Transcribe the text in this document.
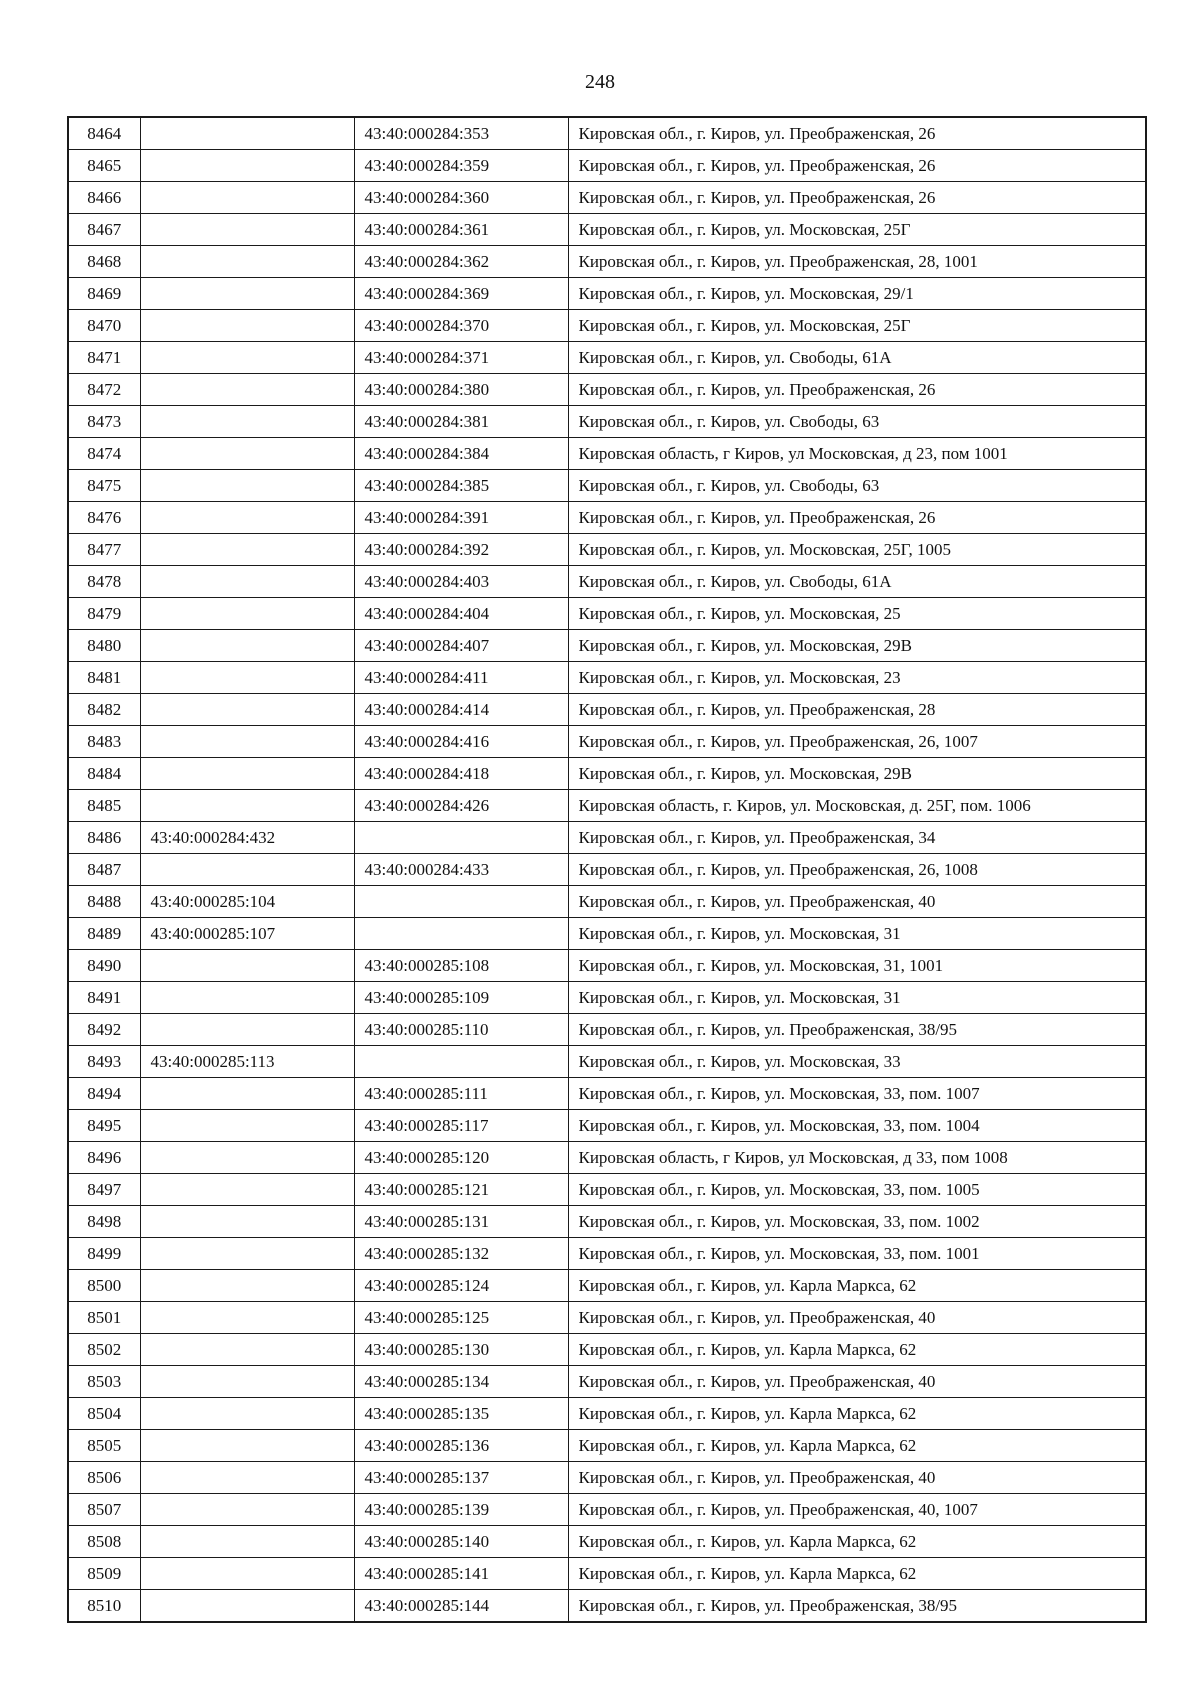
248
8464		43:40:000284:353	Кировская обл., г. Киров, ул. Преображенская, 26
8465		43:40:000284:359	Кировская обл., г. Киров, ул. Преображенская, 26
8466		43:40:000284:360	Кировская обл., г. Киров, ул. Преображенская, 26
8467		43:40:000284:361	Кировская обл., г. Киров, ул. Московская, 25Г
8468		43:40:000284:362	Кировская обл., г. Киров, ул. Преображенская, 28, 1001
8469		43:40:000284:369	Кировская обл., г. Киров, ул. Московская, 29/1
8470		43:40:000284:370	Кировская обл., г. Киров, ул. Московская, 25Г
8471		43:40:000284:371	Кировская обл., г. Киров, ул. Свободы, 61А
8472		43:40:000284:380	Кировская обл., г. Киров, ул. Преображенская, 26
8473		43:40:000284:381	Кировская обл., г. Киров, ул. Свободы, 63
8474		43:40:000284:384	Кировская область, г Киров, ул Московская, д 23, пом 1001
8475		43:40:000284:385	Кировская обл., г. Киров, ул. Свободы, 63
8476		43:40:000284:391	Кировская обл., г. Киров, ул. Преображенская, 26
8477		43:40:000284:392	Кировская обл., г. Киров, ул. Московская, 25Г, 1005
8478		43:40:000284:403	Кировская обл., г. Киров, ул. Свободы, 61А
8479		43:40:000284:404	Кировская обл., г. Киров, ул. Московская, 25
8480		43:40:000284:407	Кировская обл., г. Киров, ул. Московская, 29В
8481		43:40:000284:411	Кировская обл., г. Киров, ул. Московская, 23
8482		43:40:000284:414	Кировская обл., г. Киров, ул. Преображенская, 28
8483		43:40:000284:416	Кировская обл., г. Киров, ул. Преображенская, 26, 1007
8484		43:40:000284:418	Кировская обл., г. Киров, ул. Московская, 29В
8485		43:40:000284:426	Кировская область, г. Киров, ул. Московская, д. 25Г, пом. 1006
8486	43:40:000284:432		Кировская обл., г. Киров, ул. Преображенская, 34
8487		43:40:000284:433	Кировская обл., г. Киров, ул. Преображенская, 26, 1008
8488	43:40:000285:104		Кировская обл., г. Киров, ул. Преображенская, 40
8489	43:40:000285:107		Кировская обл., г. Киров, ул. Московская, 31
8490		43:40:000285:108	Кировская обл., г. Киров, ул. Московская, 31, 1001
8491		43:40:000285:109	Кировская обл., г. Киров, ул. Московская, 31
8492		43:40:000285:110	Кировская обл., г. Киров, ул. Преображенская, 38/95
8493	43:40:000285:113		Кировская обл., г. Киров, ул. Московская, 33
8494		43:40:000285:111	Кировская обл., г. Киров, ул. Московская, 33, пом. 1007
8495		43:40:000285:117	Кировская обл., г. Киров, ул. Московская, 33, пом. 1004
8496		43:40:000285:120	Кировская область, г Киров, ул Московская, д 33, пом 1008
8497		43:40:000285:121	Кировская обл., г. Киров, ул. Московская, 33, пом. 1005
8498		43:40:000285:131	Кировская обл., г. Киров, ул. Московская, 33, пом. 1002
8499		43:40:000285:132	Кировская обл., г. Киров, ул. Московская, 33, пом. 1001
8500		43:40:000285:124	Кировская обл., г. Киров, ул. Карла Маркса, 62
8501		43:40:000285:125	Кировская обл., г. Киров, ул. Преображенская, 40
8502		43:40:000285:130	Кировская обл., г. Киров, ул. Карла Маркса, 62
8503		43:40:000285:134	Кировская обл., г. Киров, ул. Преображенская, 40
8504		43:40:000285:135	Кировская обл., г. Киров, ул. Карла Маркса, 62
8505		43:40:000285:136	Кировская обл., г. Киров, ул. Карла Маркса, 62
8506		43:40:000285:137	Кировская обл., г. Киров, ул. Преображенская, 40
8507		43:40:000285:139	Кировская обл., г. Киров, ул. Преображенская, 40, 1007
8508		43:40:000285:140	Кировская обл., г. Киров, ул. Карла Маркса, 62
8509		43:40:000285:141	Кировская обл., г. Киров, ул. Карла Маркса, 62
8510		43:40:000285:144	Кировская обл., г. Киров, ул. Преображенская, 38/95
